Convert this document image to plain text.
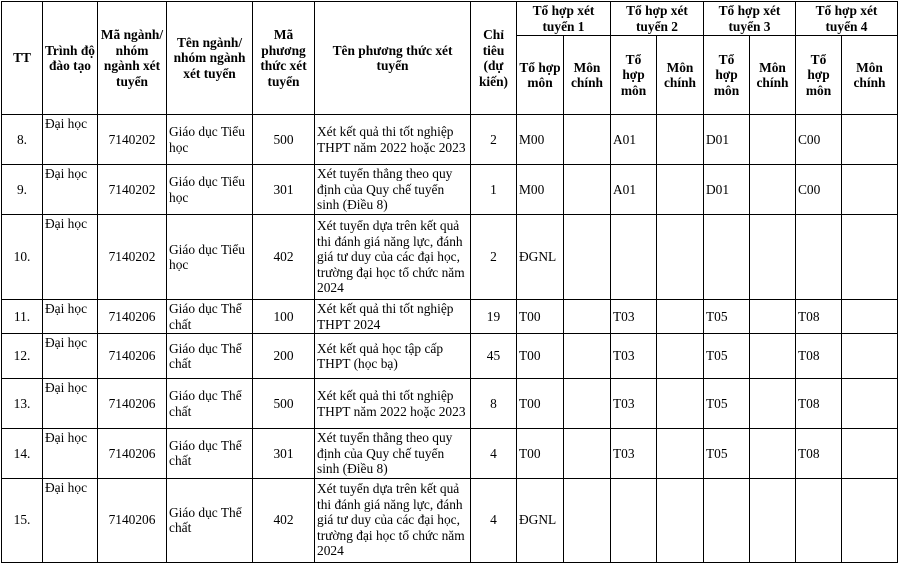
TT	Trình độ đào tạo	Mã ngành/ nhóm ngành xét tuyển	Tên ngành/ nhóm ngành xét tuyển	Mã phương thức xét tuyển	Tên phương thức xét tuyển	Chỉ tiêu (dự kiến)	Tổ hợp xét tuyển 1		Tổ hợp xét tuyển 2		Tổ hợp xét tuyển 3		Tổ hợp xét tuyển 4	
							Tổ hợp môn	Môn chính	Tổ hợp môn	Môn chính	Tổ hợp môn	Môn chính	Tổ hợp môn	Môn chính
8.	Đại học	7140202	Giáo dục Tiểu học	500	Xét kết quả thi tốt nghiệp THPT năm 2022 hoặc 2023	2	M00		A01		D01		C00	
9.	Đại học	7140202	Giáo dục Tiểu học	301	Xét tuyển thẳng theo quy định của Quy chế tuyển sinh (Điều 8)	1	M00		A01		D01		C00	
10.	Đại học	7140202	Giáo dục Tiểu học	402	Xét tuyển dựa trên kết quả thi đánh giá năng lực, đánh giá tư duy của các đại học, trường đại học tổ chức năm 2024	2	ĐGNL							
11.	Đại học	7140206	Giáo dục Thể chất	100	Xét kết quả thi tốt nghiệp THPT 2024	19	T00		T03		T05		T08	
12.	Đại học	7140206	Giáo dục Thể chất	200	Xét kết quả học tập cấp THPT (học bạ)	45	T00		T03		T05		T08	
13.	Đại học	7140206	Giáo dục Thể chất	500	Xét kết quả thi tốt nghiệp THPT năm 2022 hoặc 2023	8	T00		T03		T05		T08	
14.	Đại học	7140206	Giáo dục Thể chất	301	Xét tuyển thẳng theo quy định của Quy chế tuyển sinh (Điều 8)	4	T00		T03		T05		T08	
15.	Đại học	7140206	Giáo dục Thể chất	402	Xét tuyển dựa trên kết quả thi đánh giá năng lực, đánh giá tư duy của các đại học, trường đại học tổ chức năm 2024	4	ĐGNL							
